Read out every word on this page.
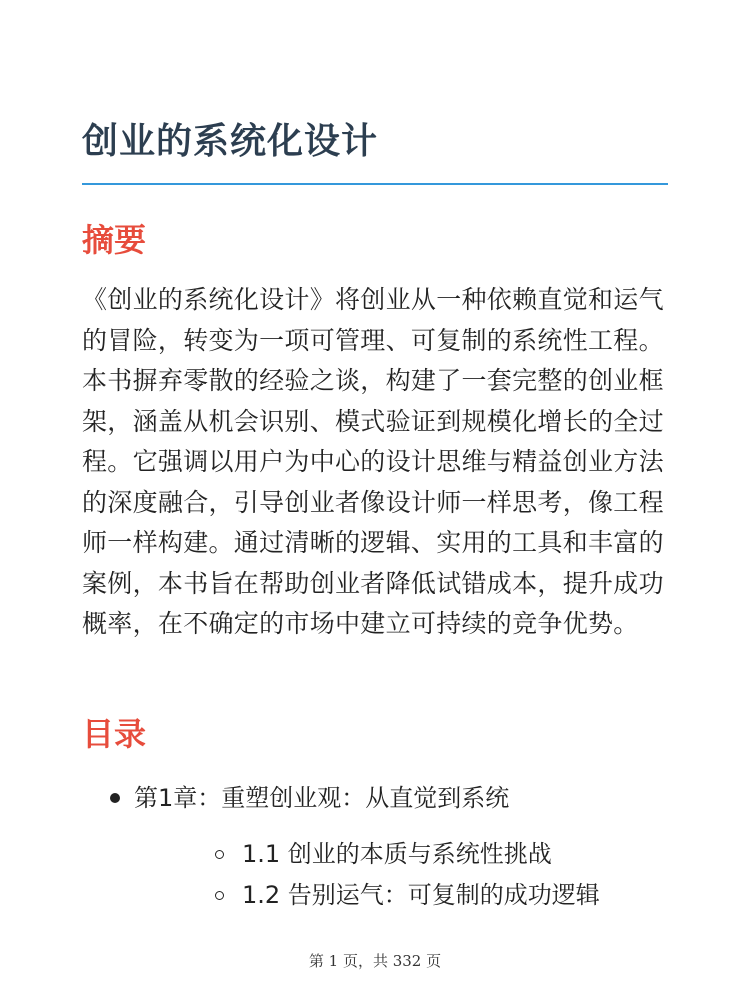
创业的系统化设计
摘要

《创业的系统化设计》将创业从一种依赖直觉和运气的冒险，转变为一项可管理、可复制的系统性工程。本书摒弃零散的经验之谈，构建了一套完整的创业框架，涵盖从机会识别、模式验证到规模化增长的全过程。它强调以用户为中心的设计思维与精益创业方法的深度融合，引导创业者像设计师一样思考，像工程师一样构建。通过清晰的逻辑、实用的工具和丰富的案例，本书旨在帮助创业者降低试错成本，提升成功概率，在不确定的市场中建立可持续的竞争优势。

目录
第1章：重塑创业观：从直觉到系统
1.1 创业的本质与系统性挑战
1.2 告别运气：可复制的成功逻辑
第 1 页，共 332 页
